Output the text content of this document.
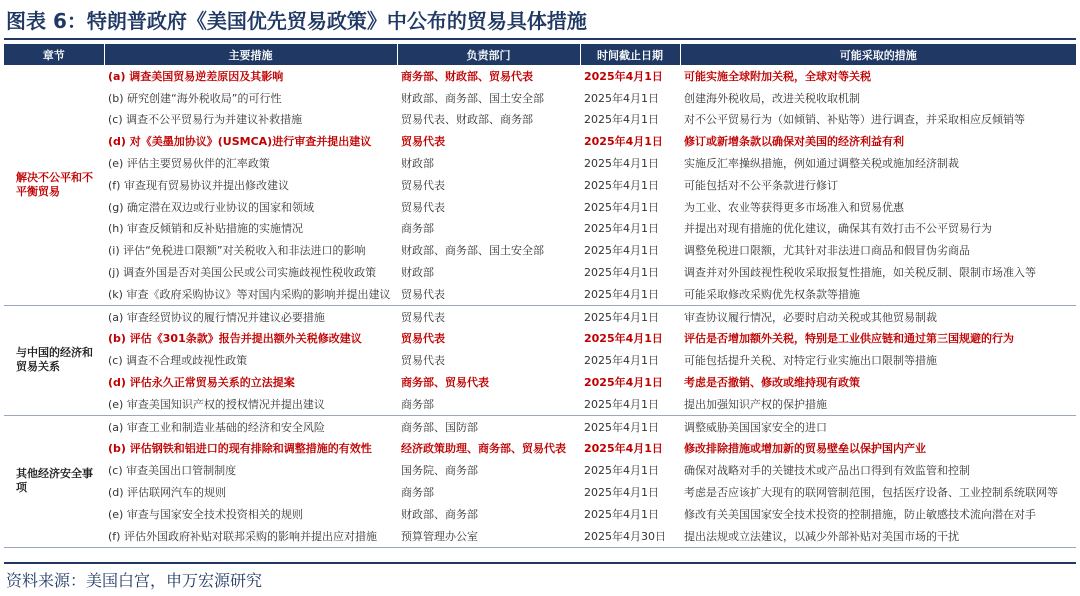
图表 6：特朗普政府《美国优先贸易政策》中公布的贸易具体措施
章节	主要措施	负责部门	时间截止日期	可能采取的措施
解决不公平和不平衡贸易	(a) 调查美国贸易逆差原因及其影响	商务部、财政部、贸易代表	2025年4月1日	可能实施全球附加关税，全球对等关税
	(b) 研究创建“海外税收局”的可行性	财政部、商务部、国土安全部	2025年4月1日	创建海外税收局，改进关税收取机制
	(c) 调查不公平贸易行为并建议补救措施	贸易代表、财政部、商务部	2025年4月1日	对不公平贸易行为（如倾销、补贴等）进行调查，并采取相应反倾销等
	(d) 对《美墨加协议》(USMCA)进行审查并提出建议	贸易代表	2025年4月1日	修订或新增条款以确保对美国的经济利益有利
	(e) 评估主要贸易伙伴的汇率政策	财政部	2025年4月1日	实施反汇率操纵措施，例如通过调整关税或施加经济制裁
	(f) 审查现有贸易协议并提出修改建议	贸易代表	2025年4月1日	可能包括对不公平条款进行修订
	(g) 确定潜在双边或行业协议的国家和领域	贸易代表	2025年4月1日	为工业、农业等获得更多市场准入和贸易优惠
	(h) 审查反倾销和反补贴措施的实施情况	商务部	2025年4月1日	并提出对现有措施的优化建议，确保其有效打击不公平贸易行为
	(i) 评估“免税进口限额”对关税收入和非法进口的影响	财政部、商务部、国土安全部	2025年4月1日	调整免税进口限额，尤其针对非法进口商品和假冒伪劣商品
	(j) 调查外国是否对美国公民或公司实施歧视性税收政策	财政部	2025年4月1日	调查并对外国歧视性税收采取报复性措施，如关税反制、限制市场准入等
	(k) 审查《政府采购协议》等对国内采购的影响并提出建议	贸易代表	2025年4月1日	可能采取修改采购优先权条款等措施
与中国的经济和贸易关系	(a) 审查经贸协议的履行情况并建议必要措施	贸易代表	2025年4月1日	审查协议履行情况，必要时启动关税或其他贸易制裁
	(b) 评估《301条款》报告并提出额外关税修改建议	贸易代表	2025年4月1日	评估是否增加额外关税，特别是工业供应链和通过第三国规避的行为
	(c) 调查不合理或歧视性政策	贸易代表	2025年4月1日	可能包括提升关税、对特定行业实施出口限制等措施
	(d) 评估永久正常贸易关系的立法提案	商务部、贸易代表	2025年4月1日	考虑是否撤销、修改或维持现有政策
	(e) 审查美国知识产权的授权情况并提出建议	商务部	2025年4月1日	提出加强知识产权的保护措施
其他经济安全事项	(a) 审查工业和制造业基础的经济和安全风险	商务部、国防部	2025年4月1日	调整威胁美国国家安全的进口
	(b) 评估钢铁和铝进口的现有排除和调整措施的有效性	经济政策助理、商务部、贸易代表	2025年4月1日	修改排除措施或增加新的贸易壁垒以保护国内产业
	(c) 审查美国出口管制制度	国务院、商务部	2025年4月1日	确保对战略对手的关键技术或产品出口得到有效监管和控制
	(d) 评估联网汽车的规则	商务部	2025年4月1日	考虑是否应该扩大现有的联网管制范围，包括医疗设备、工业控制系统联网等
	(e) 审查与国家安全技术投资相关的规则	财政部、商务部	2025年4月1日	修改有关美国国家安全技术投资的控制措施，防止敏感技术流向潜在对手
	(f) 评估外国政府补贴对联邦采购的影响并提出应对措施	预算管理办公室	2025年4月30日	提出法规或立法建议，以减少外部补贴对美国市场的干扰
资料来源：美国白宫，申万宏源研究
